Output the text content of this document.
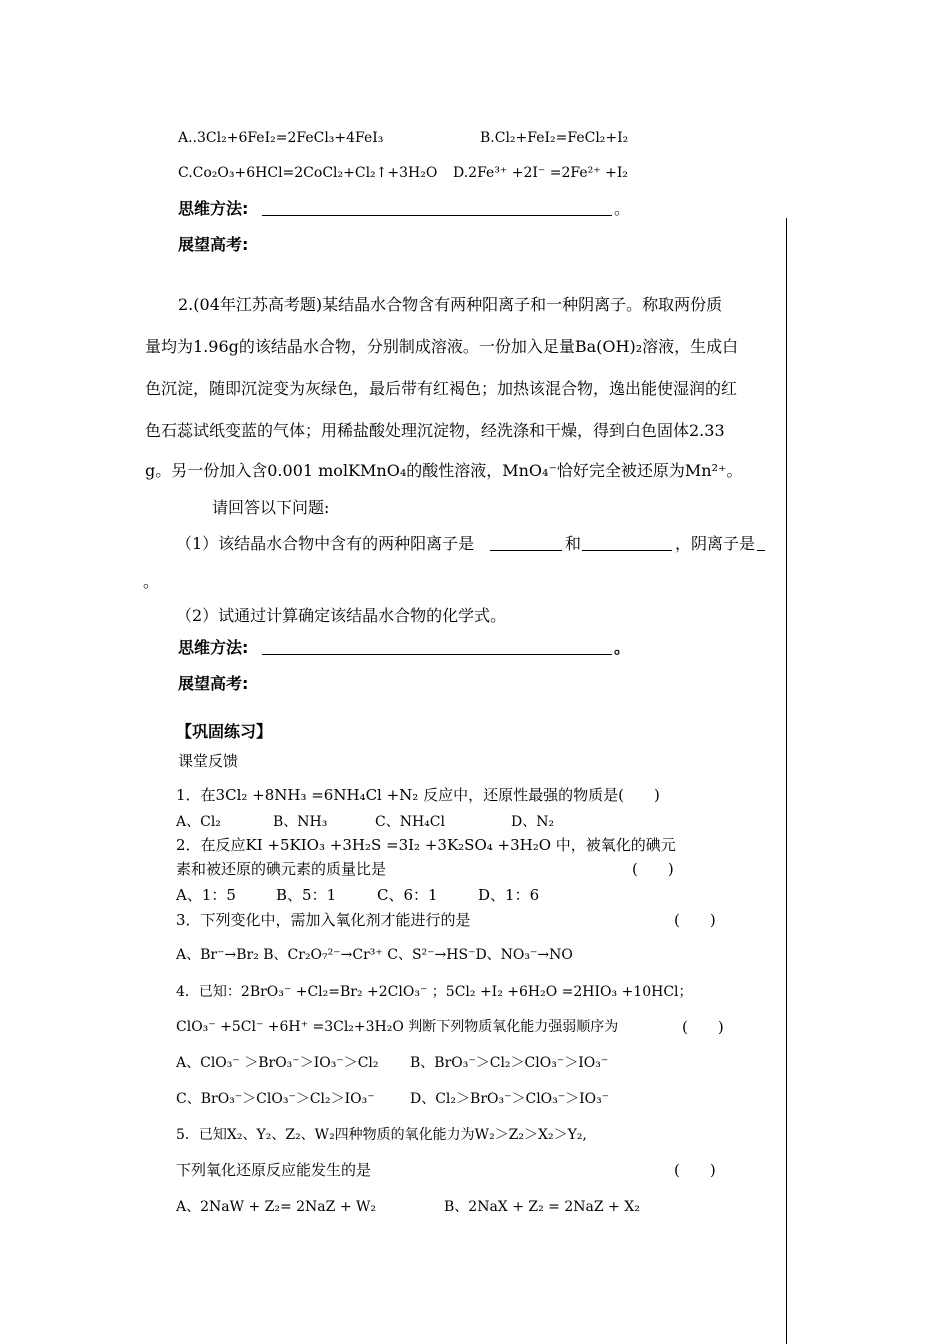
A..3Cl₂+6FeI₂=2FeCl₃+4FeI₃	B.Cl₂+FeI₂=FeCl₂+I₂
C.Co₂O₃+6HCl=2CoCl₂+Cl₂↑+3H₂O D.2Fe³⁺ +2I⁻ =2Fe²⁺ +I₂
思维方法:	。
展望高考:
2.(04年江苏高考题)某结晶水合物含有两种阳离子和一种阴离子。称取两份质
量均为1.96g的该结晶水合物，分别制成溶液。一份加入足量Ba(OH)₂溶液，生成白
色沉淀，随即沉淀变为灰绿色，最后带有红褐色；加热该混合物，逸出能使湿润的红
色石蕊试纸变蓝的气体；用稀盐酸处理沉淀物，经洗涤和干燥，得到白色固体2.33
g。另一份加入含0.001 molKMnO₄的酸性溶液，MnO₄⁻恰好完全被还原为Mn²⁺。
请回答以下问题:
（1）该结晶水合物中含有的两种阳离子是	和	，阴离子是
。
（2）试通过计算确定该结晶水合物的化学式。
思维方法:	。
展望高考:
【巩固练习】
课堂反馈
1．在3Cl₂ +8NH₃ =6NH₄Cl +N₂ 反应中，还原性最强的物质是(　　)
A、Cl₂	B、NH₃	C、NH₄Cl	D、N₂
2．在反应KI +5KIO₃ +3H₂S =3I₂ +3K₂SO₄ +3H₂O 中，被氧化的碘元
素和被还原的碘元素的质量比是	(　　)
A、1：5	B、5：1	C、6：1	D、1：6
3．下列变化中，需加入氧化剂才能进行的是	(　　)
A、Br⁻→Br₂ B、Cr₂O₇²⁻→Cr³⁺ C、S²⁻→HS⁻D、NO₃⁻→NO
4．已知：2BrO₃⁻ +Cl₂=Br₂ +2ClO₃⁻ ；5Cl₂ +I₂ +6H₂O =2HIO₃ +10HCl；
ClO₃⁻ +5Cl⁻ +6H⁺ =3Cl₂+3H₂O 判断下列物质氧化能力强弱顺序为	(　　)
A、ClO₃⁻ ＞BrO₃⁻＞IO₃⁻＞Cl₂ B、BrO₃⁻＞Cl₂＞ClO₃⁻＞IO₃⁻
C、BrO₃⁻＞ClO₃⁻＞Cl₂＞IO₃⁻	D、Cl₂＞BrO₃⁻＞ClO₃⁻＞IO₃⁻
5．已知X₂、Y₂、Z₂、W₂四种物质的氧化能力为W₂＞Z₂＞X₂＞Y₂,
下列氧化还原反应能发生的是	(　　)
A、2NaW + Z₂= 2NaZ + W₂	B、2NaX + Z₂ = 2NaZ + X₂
